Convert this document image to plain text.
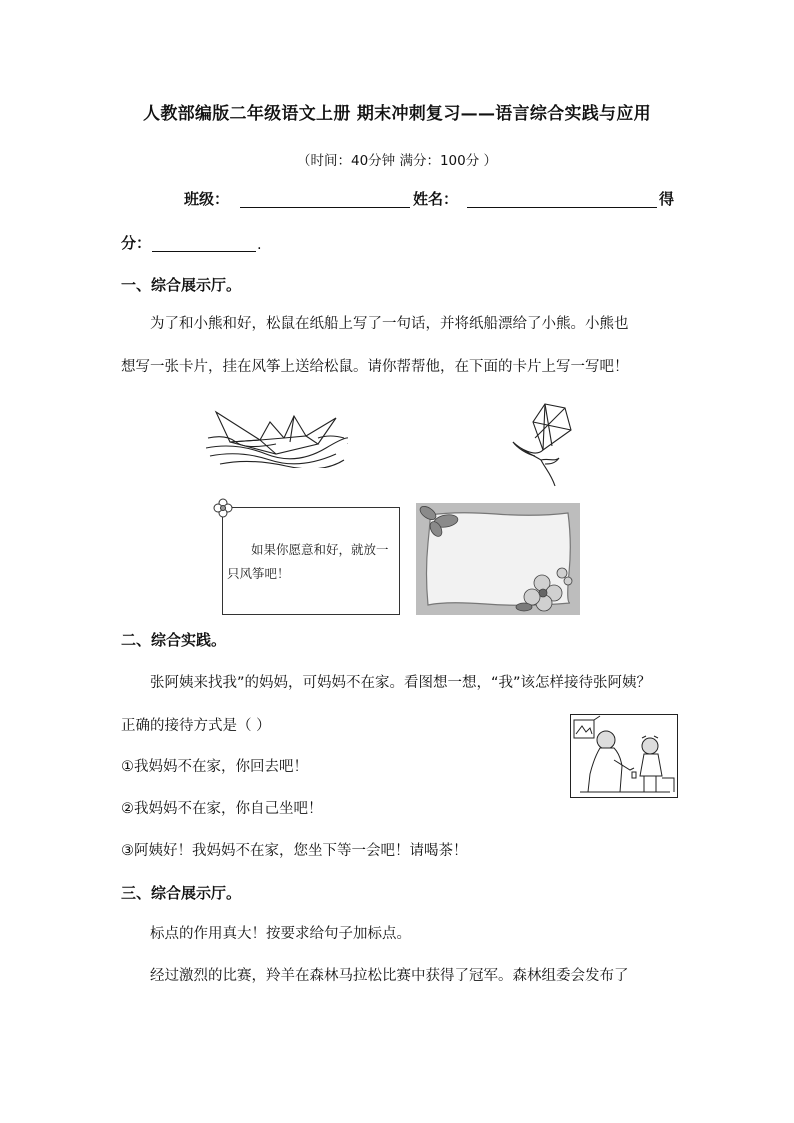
人教部编版二年级语文上册 期末冲刺复习——语言综合实践与应用
（时间：40分钟 满分：100分 ）
班级：	姓名：	得
分：	.
一、综合展示厅。
为了和小熊和好，松鼠在纸船上写了一句话，并将纸船漂给了小熊。小熊也
想写一张卡片，挂在风筝上送给松鼠。请你帮帮他，在下面的卡片上写一写吧！
如果你愿意和好，就放一只风筝吧！
二、综合实践。
张阿姨来找我”的妈妈，可妈妈不在家。看图想一想，“我”该怎样接待张阿姨？
正确的接待方式是（ ）
①我妈妈不在家，你回去吧！
②我妈妈不在家，你自己坐吧！
③阿姨好！我妈妈不在家，您坐下等一会吧！请喝茶！
三、综合展示厅。
标点的作用真大！按要求给句子加标点。
经过激烈的比赛，羚羊在森林马拉松比赛中获得了冠军。森林组委会发布了
